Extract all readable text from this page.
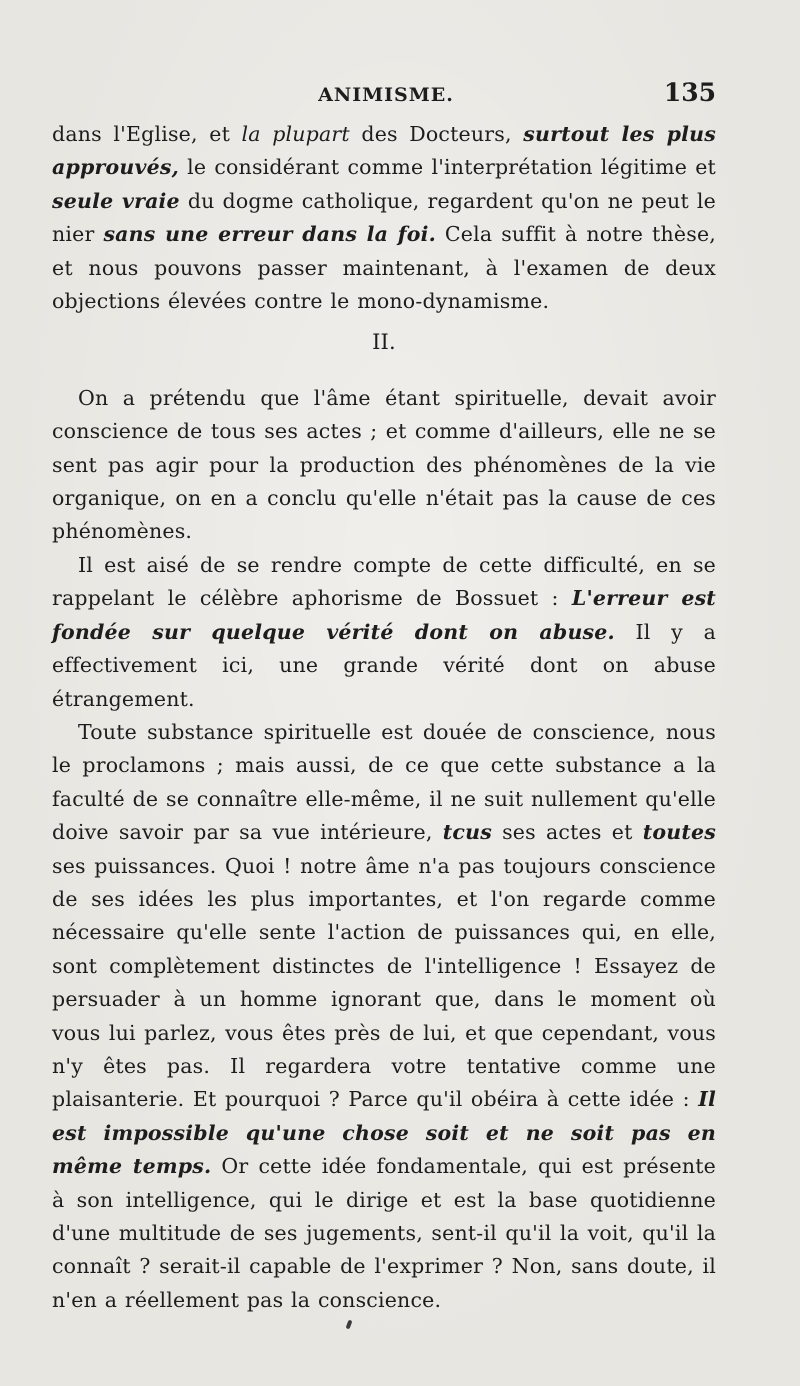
ANIMISME.	135

dans l'Eglise, et la plupart des Docteurs, surtout les plus approuvés, le considérant comme l'interprétation légitime et seule vraie du dogme catholique, regardent qu'on ne peut le nier sans une erreur dans la foi. Cela suffit à notre thèse, et nous pouvons passer maintenant, à l'examen de deux objections élevées contre le mono-dynamisme.

II.

On a prétendu que l'âme étant spirituelle, devait avoir conscience de tous ses actes ; et comme d'ailleurs, elle ne se sent pas agir pour la production des phénomènes de la vie organique, on en a conclu qu'elle n'était pas la cause de ces phénomènes.

Il est aisé de se rendre compte de cette difficulté, en se rappelant le célèbre aphorisme de Bossuet : L'erreur est fondée sur quelque vérité dont on abuse. Il y a effectivement ici, une grande vérité dont on abuse étrangement.

Toute substance spirituelle est douée de conscience, nous le proclamons ; mais aussi, de ce que cette substance a la faculté de se connaître elle-même, il ne suit nullement qu'elle doive savoir par sa vue intérieure, tcus ses actes et toutes ses puissances. Quoi ! notre âme n'a pas toujours conscience de ses idées les plus importantes, et l'on regarde comme nécessaire qu'elle sente l'action de puissances qui, en elle, sont complètement distinctes de l'intelligence ! Essayez de persuader à un homme ignorant que, dans le moment où vous lui parlez, vous êtes près de lui, et que cependant, vous n'y êtes pas. Il regardera votre tentative comme une plaisanterie. Et pourquoi ? Parce qu'il obéira à cette idée : Il est impossible qu'une chose soit et ne soit pas en même temps. Or cette idée fondamentale, qui est présente à son intelligence, qui le dirige et est la base quotidienne d'une multitude de ses jugements, sent-il qu'il la voit, qu'il la connaît ? serait-il capable de l'exprimer ? Non, sans doute, il n'en a réellement pas la conscience.
